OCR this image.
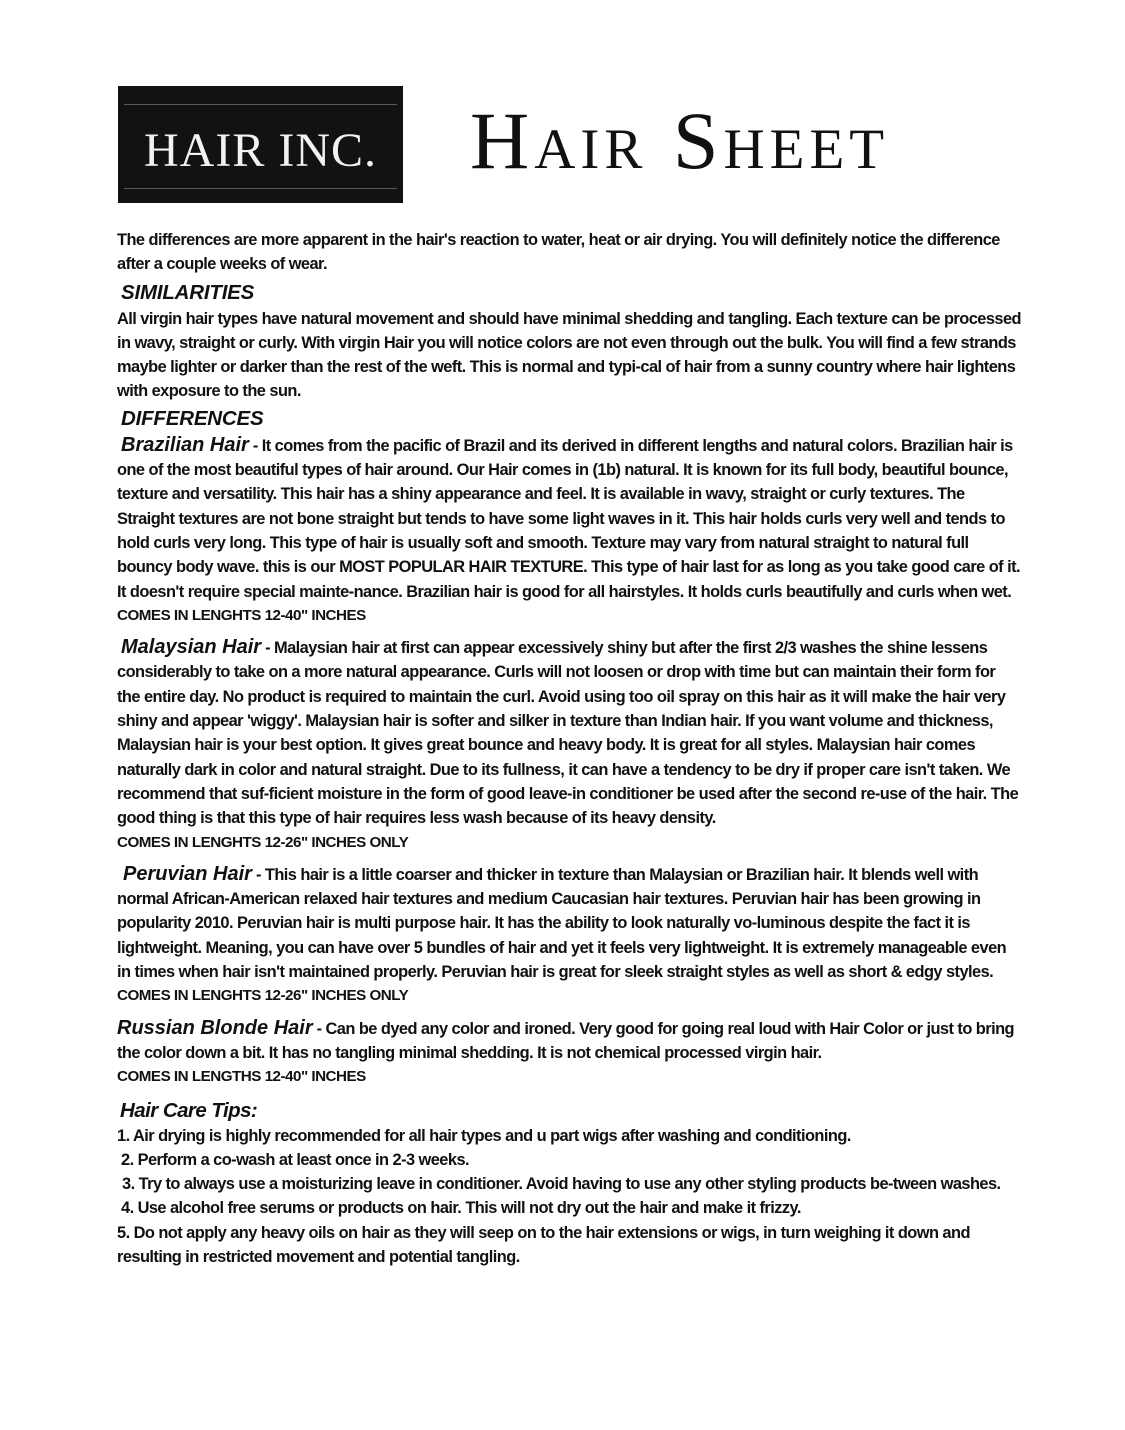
HAIR INC. Hair Sheet

The differences are more apparent in the hair's reaction to water, heat or air drying. You will definitely notice the difference after a couple weeks of wear.

SIMILARITIES

All virgin hair types have natural movement and should have minimal shedding and tangling. Each texture can be processed in wavy, straight or curly. With virgin Hair you will notice colors are not even through out the bulk. You will find a few strands maybe lighter or darker than the rest of the weft. This is normal and typi-cal of hair from a sunny country where hair lightens with exposure to the sun.

DIFFERENCES

Brazilian Hair - It comes from the pacific of Brazil and its derived in different lengths and natural colors. Brazilian hair is one of the most beautiful types of hair around. Our Hair comes in (1b) natural. It is known for its full body, beautiful bounce, texture and versatility. This hair has a shiny appearance and feel. It is available in wavy, straight or curly textures. The Straight textures are not bone straight but tends to have some light waves in it. This hair holds curls very well and tends to hold curls very long. This type of hair is usually soft and smooth. Texture may vary from natural straight to natural full bouncy body wave. this is our MOST POPULAR HAIR TEXTURE. This type of hair last for as long as you take good care of it. It doesn't require special mainte-nance. Brazilian hair is good for all hairstyles. It holds curls beautifully and curls when wet.

COMES IN LENGHTS 12-40" INCHES

Malaysian Hair - Malaysian hair at first can appear excessively shiny but after the first 2/3 washes the shine lessens considerably to take on a more natural appearance. Curls will not loosen or drop with time but can maintain their form for the entire day. No product is required to maintain the curl. Avoid using too oil spray on this hair as it will make the hair very shiny and appear 'wiggy'. Malaysian hair is softer and silker in texture than Indian hair. If you want volume and thickness, Malaysian hair is your best option. It gives great bounce and heavy body. It is great for all styles. Malaysian hair comes naturally dark in color and natural straight. Due to its fullness, it can have a tendency to be dry if proper care isn't taken. We recommend that suf-ficient moisture in the form of good leave-in conditioner be used after the second re-use of the hair. The good thing is that this type of hair requires less wash because of its heavy density.

COMES IN LENGHTS 12-26" INCHES ONLY

Peruvian Hair - This hair is a little coarser and thicker in texture than Malaysian or Brazilian hair. It blends well with normal African-American relaxed hair textures and medium Caucasian hair textures. Peruvian hair has been growing in popularity 2010. Peruvian hair is multi purpose hair. It has the ability to look naturally vo-luminous despite the fact it is lightweight. Meaning, you can have over 5 bundles of hair and yet it feels very lightweight. It is extremely manageable even in times when hair isn't maintained properly. Peruvian hair is great for sleek straight styles as well as short & edgy styles.

COMES IN LENGHTS 12-26" INCHES ONLY

Russian Blonde Hair - Can be dyed any color and ironed. Very good for going real loud with Hair Color or just to bring the color down a bit. It has no tangling minimal shedding. It is not chemical processed virgin hair.

COMES IN LENGTHS 12-40" INCHES

Hair Care Tips:

1. Air drying is highly recommended for all hair types and u part wigs after washing and conditioning.

2. Perform a co-wash at least once in 2-3 weeks.

3. Try to always use a moisturizing leave in conditioner. Avoid having to use any other styling products be-tween washes.

4. Use alcohol free serums or products on hair. This will not dry out the hair and make it frizzy.

5. Do not apply any heavy oils on hair as they will seep on to the hair extensions or wigs, in turn weighing it down and resulting in restricted movement and potential tangling.
